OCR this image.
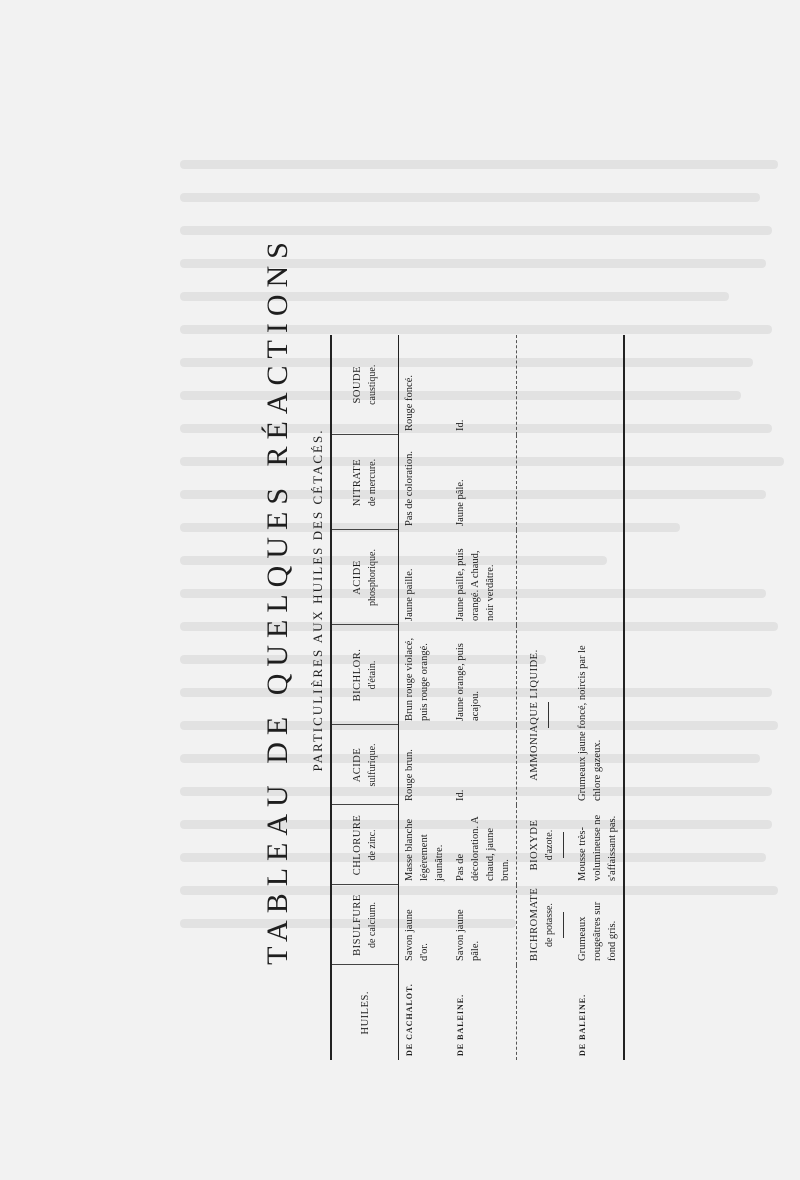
TABLEAU DE QUELQUES RÉACTIONS	PARTICULIÈRES AUX HUILES DES CÉTACÉS.
HUILES.	BISULFURE de calcium.	CHLORURE de zinc.	ACIDE sulfurique.	BICHLOR. d'étain.	ACIDE phosphorique.	NITRATE de mercure.	SOUDE caustique.

DE CACHALOT.	Savon jaune d'or.	Masse blanche légèrement jaunâtre.	Rouge brun.	Brun rouge violacé, puis rouge orangé.	Jaune paille.	Pas de coloration.	Rouge foncé.
DE BALEINE.	Savon jaune pâle.	Pas de décoloration. A chaud, jaune brun.	Id.	Jaune orange, puis acajou.	Jaune paille, puis orangé. A chaud, noir verdâtre.	Jaune pâle.	Id.

	BICHROMATE de potasse.	BIOXYDE d'azote.	AMMONIAQUE LIQUIDE.				

DE BALEINE.	Grumeaux rougeâtres sur fond gris.	Mousse très-volumineuse ne s'affaissant pas.	Grumeaux jaune foncé, noircis par le chlore gazeux.				
